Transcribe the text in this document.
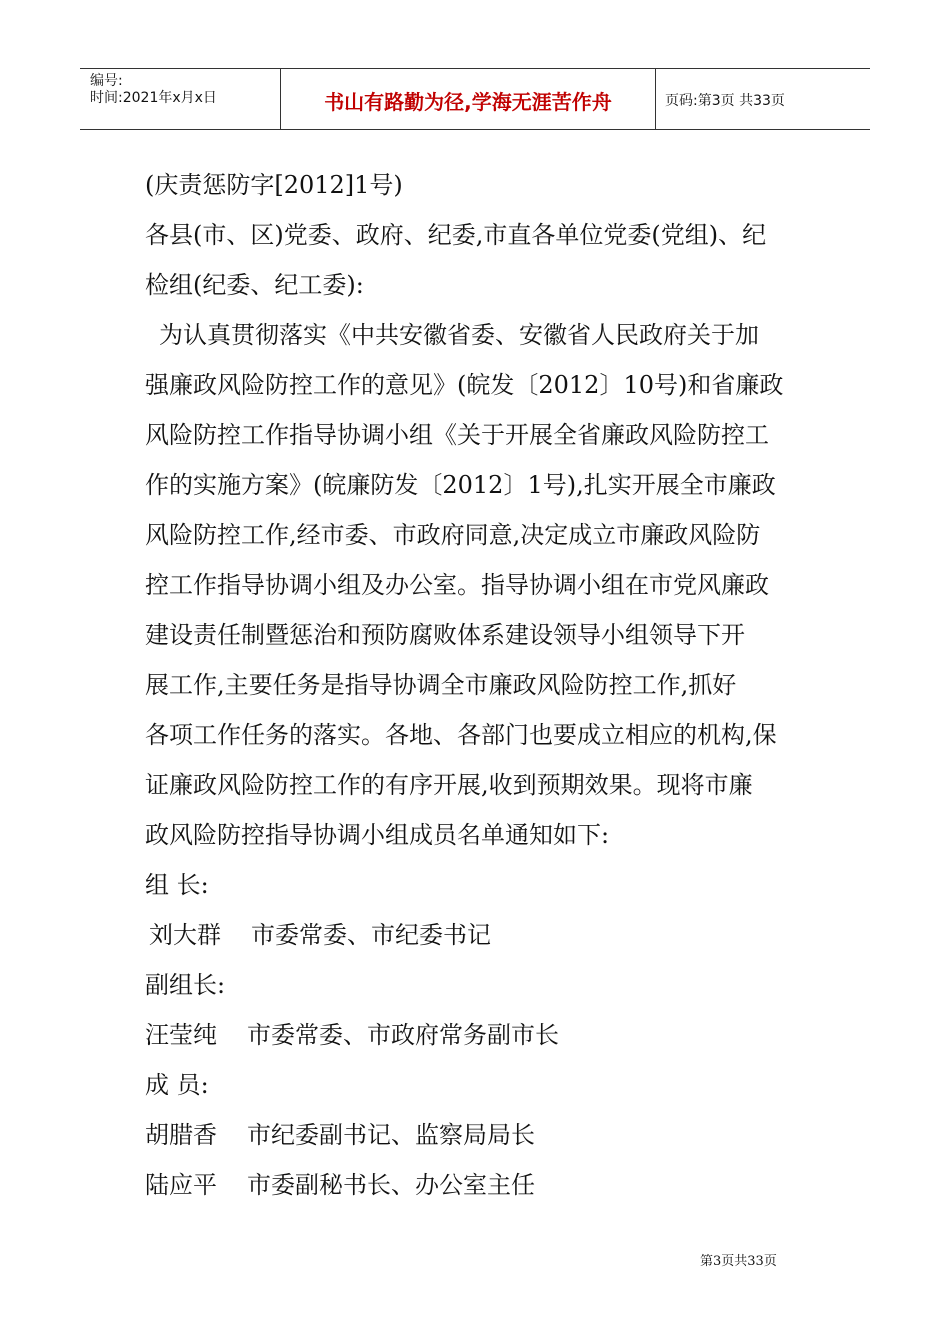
编号:
时间:2021年x月x日	书山有路勤为径,学海无涯苦作舟	页码:第3页 共33页
(庆责惩防字[2012]1号)
各县(市、区)党委、政府、纪委,市直各单位党委(党组)、纪
检组(纪委、纪工委):
为认真贯彻落实《中共安徽省委、安徽省人民政府关于加
强廉政风险防控工作的意见》(皖发〔2012〕10号)和省廉政
风险防控工作指导协调小组《关于开展全省廉政风险防控工
作的实施方案》(皖廉防发〔2012〕1号),扎实开展全市廉政
风险防控工作,经市委、市政府同意,决定成立市廉政风险防
控工作指导协调小组及办公室。指导协调小组在市党风廉政
建设责任制暨惩治和预防腐败体系建设领导小组领导下开
展工作,主要任务是指导协调全市廉政风险防控工作,抓好
各项工作任务的落实。各地、各部门也要成立相应的机构,保
证廉政风险防控工作的有序开展,收到预期效果。现将市廉
政风险防控指导协调小组成员名单通知如下:
组 长:
刘大群	市委常委、市纪委书记
副组长:
汪莹纯	市委常委、市政府常务副市长
成 员:
胡腊香	市纪委副书记、监察局局长
陆应平	市委副秘书长、办公室主任
第3页共33页
